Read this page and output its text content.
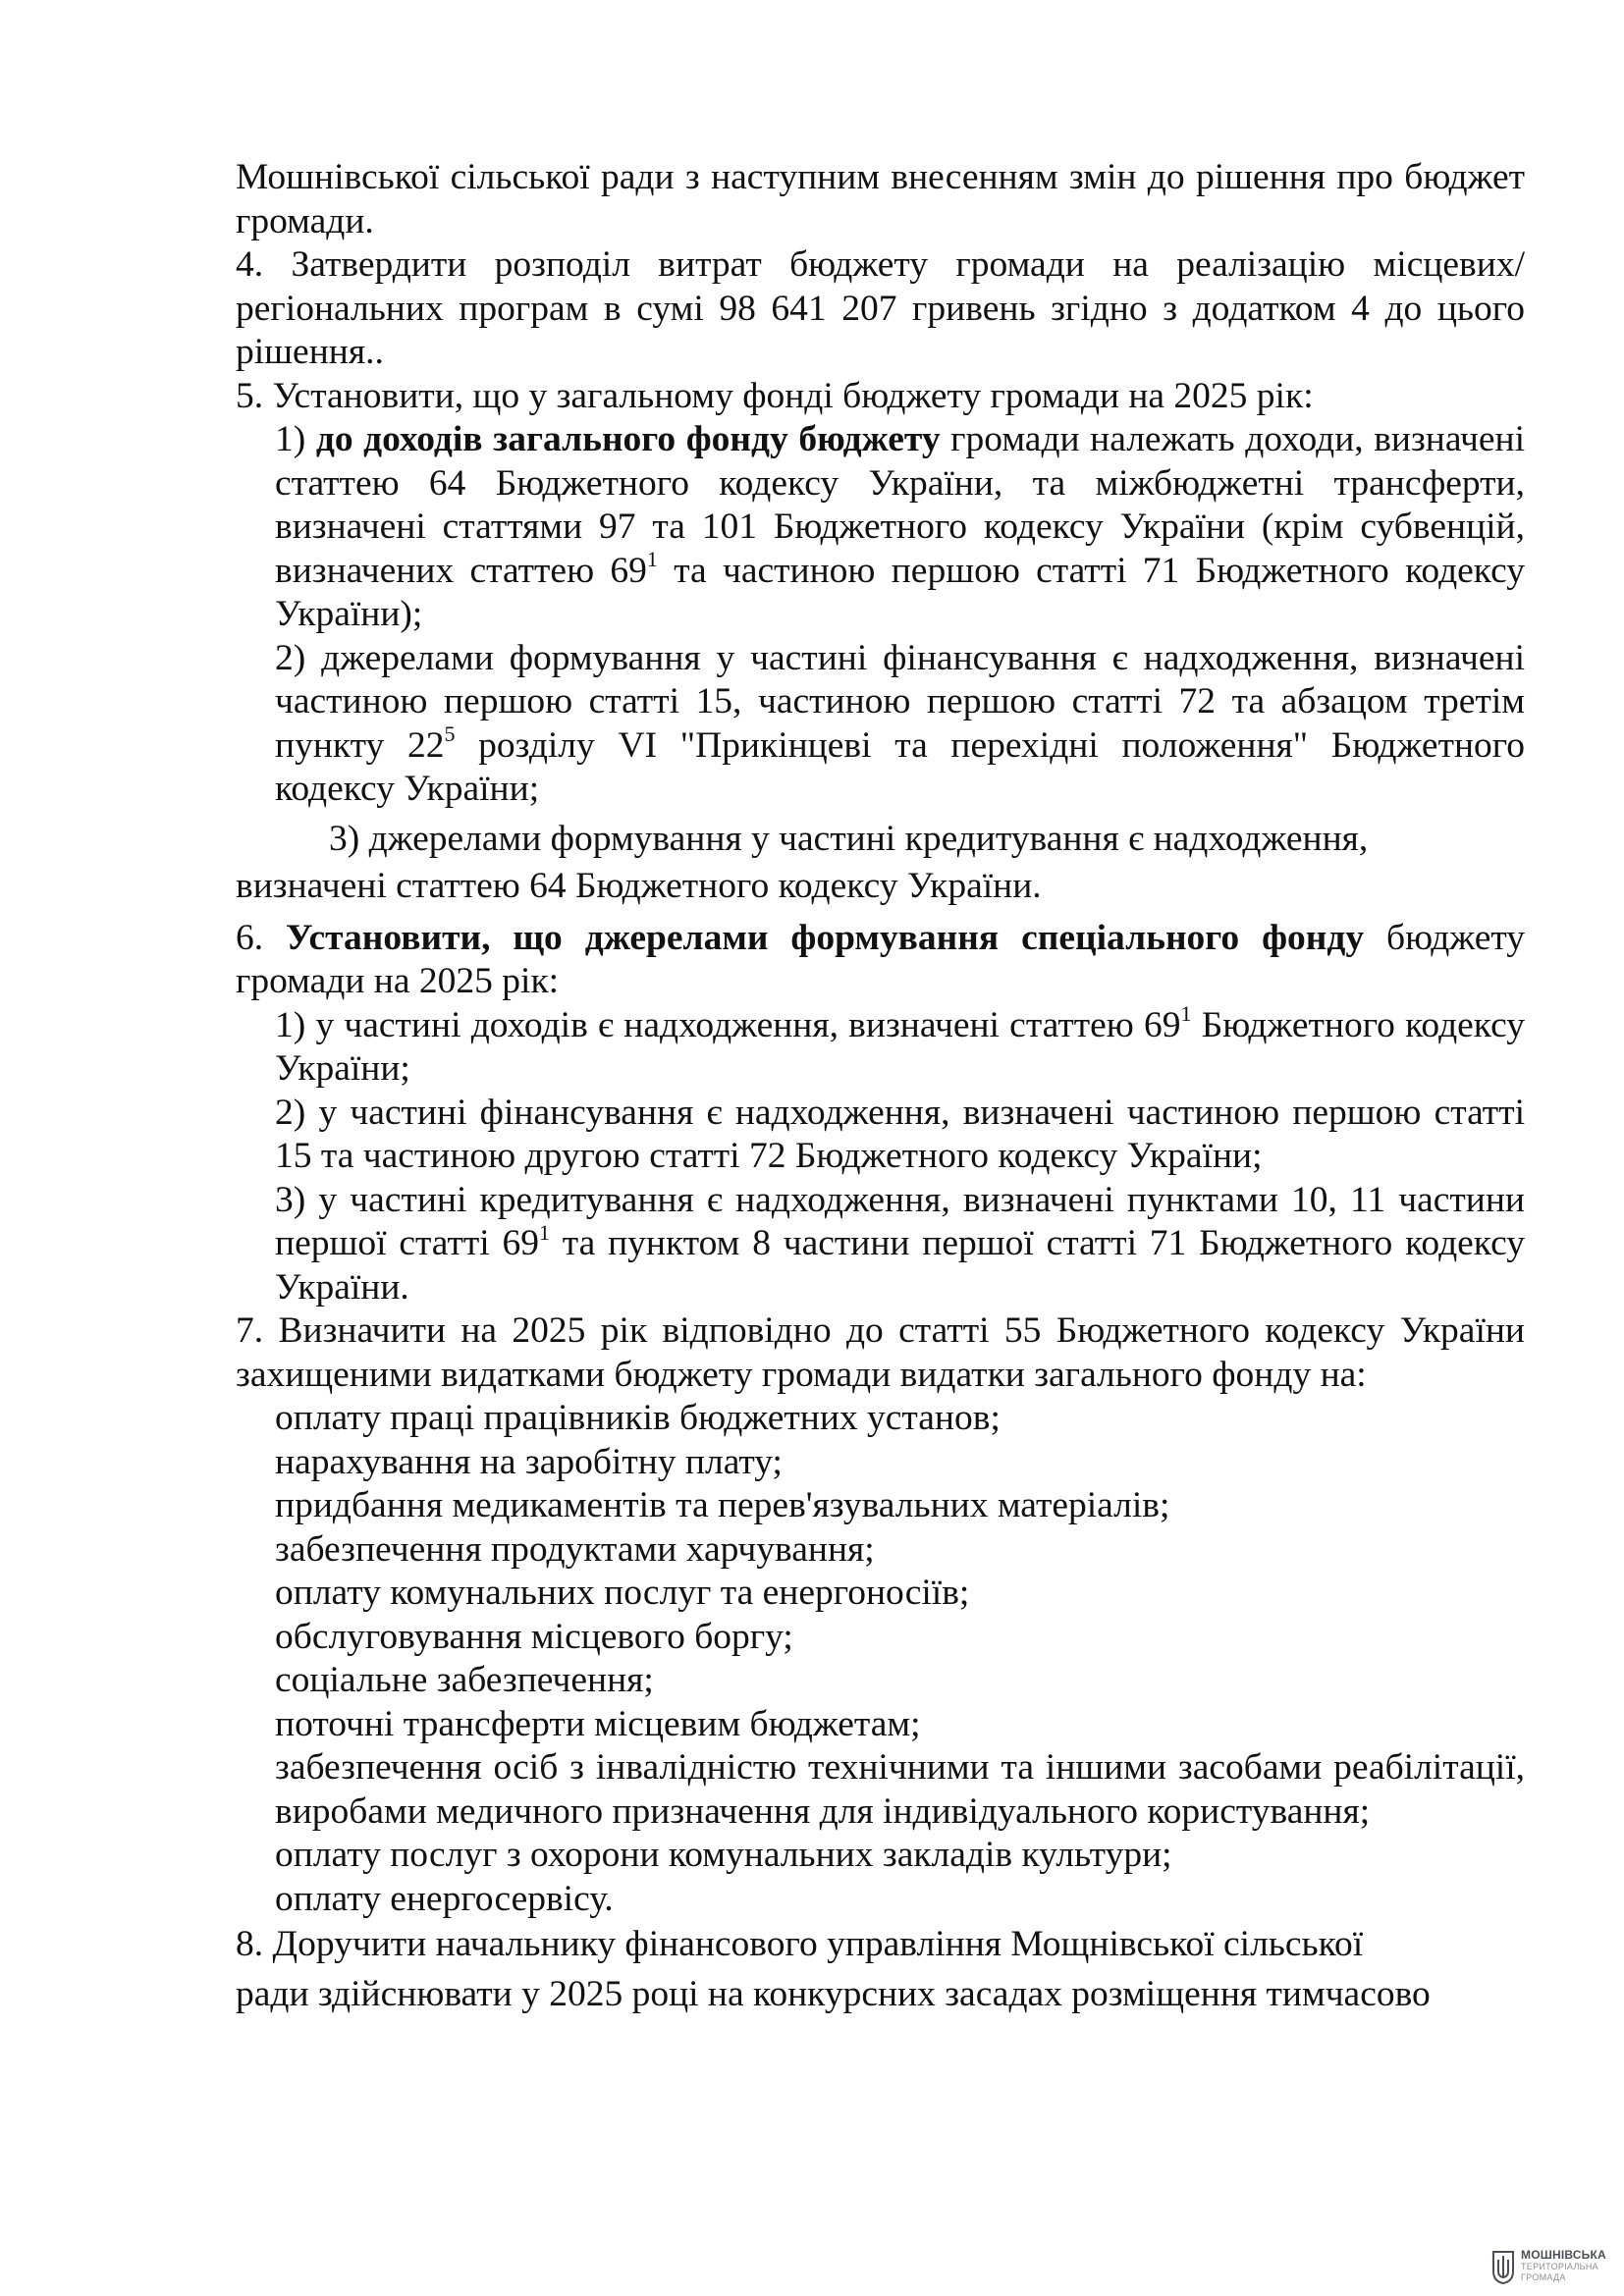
Мошнівської сільської ради з наступним внесенням змін до рішення про бюджет громади.

4. Затвердити розподіл витрат бюджету громади на реалізацію місцевих/регіональних програм в сумі 98 641 207 гривень згідно з додатком 4 до цього рішення..

5. Установити, що у загальному фонді бюджету громади на 2025 рік:

1) до доходів загального фонду бюджету громади належать доходи, визначені статтею 64 Бюджетного кодексу України, та міжбюджетні трансферти, визначені статтями 97 та 101 Бюджетного кодексу України (крім субвенцій, визначених статтею $69^1$ та частиною першою статті 71 Бюджетного кодексу України);

2) джерелами формування у частині фінансування є надходження, визначені частиною першою статті 15, частиною першою статті 72 та абзацом третім пункту $22^5$ розділу VI "Прикінцеві та перехідні положення" Бюджетного кодексу України;

3) джерелами формування у частині кредитування є надходження,

визначені статтею 64 Бюджетного кодексу України.

6. Установити, що джерелами формування спеціального фонду бюджету громади на 2025 рік:

1) у частині доходів є надходження, визначені статтею $69^1$ Бюджетного кодексу України;

2) у частині фінансування є надходження, визначені частиною першою статті 15 та частиною другою статті 72 Бюджетного кодексу України;

3) у частині кредитування є надходження, визначені пунктами 10, 11 частини першої статті $69^1$ та пунктом 8 частини першої статті 71 Бюджетного кодексу України.

7. Визначити на 2025 рік відповідно до статті 55 Бюджетного кодексу України захищеними видатками бюджету громади видатки загального фонду на:

оплату праці працівників бюджетних установ;

нарахування на заробітну плату;

придбання медикаментів та перев'язувальних матеріалів;

забезпечення продуктами харчування;

оплату комунальних послуг та енергоносіїв;

обслуговування місцевого боргу;

соціальне забезпечення;

поточні трансферти місцевим бюджетам;

забезпечення осіб з інвалідністю технічними та іншими засобами реабілітації, виробами медичного призначення для індивідуального користування;

оплату послуг з охорони комунальних закладів культури;

оплату енергосервісу.

8. Доручити начальнику фінансового управління Мощнівської сільської

ради здійснювати у 2025 році на конкурсних засадах розміщення тимчасово

МОШНІВСЬКА
ТЕРИТОРІАЛЬНА
ГРОМАДА
